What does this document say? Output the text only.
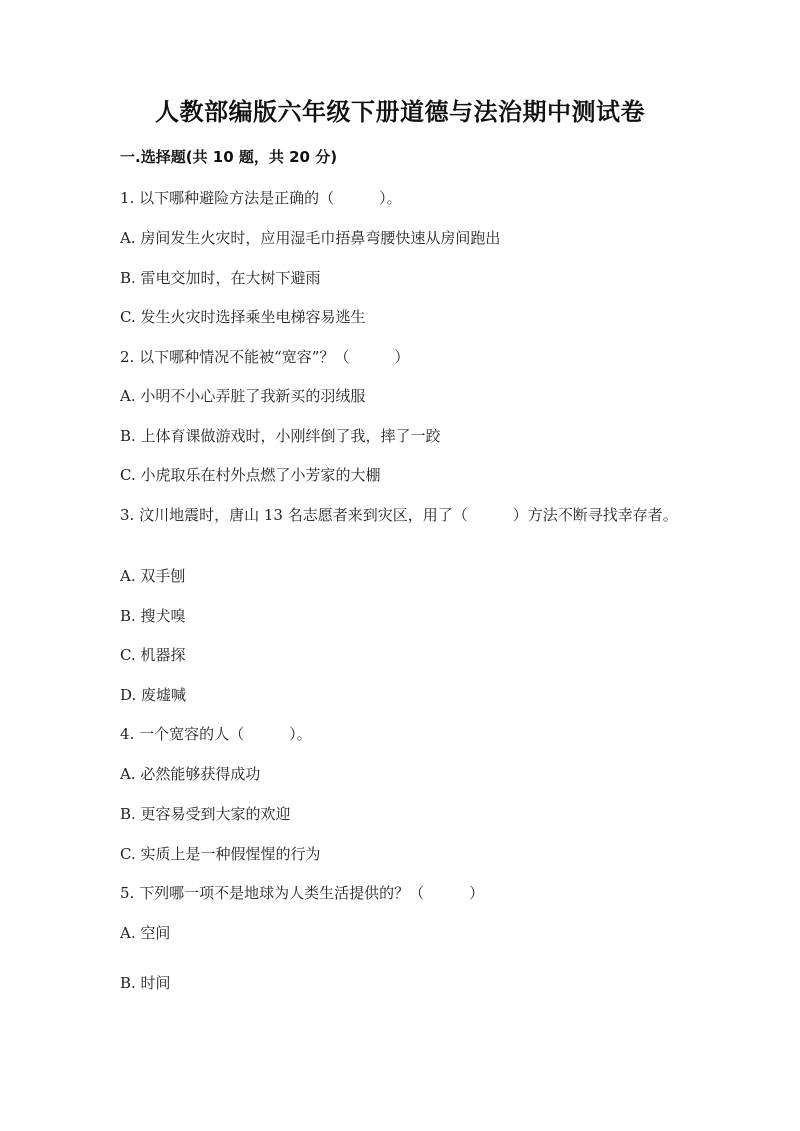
人教部编版六年级下册道德与法治期中测试卷
一.选择题(共 10 题，共 20 分)
1. 以下哪种避险方法是正确的（　　　）。
A. 房间发生火灾时，应用湿毛巾捂鼻弯腰快速从房间跑出
B. 雷电交加时，在大树下避雨
C. 发生火灾时选择乘坐电梯容易逃生
2. 以下哪种情况不能被“宽容”？（　　　）
A. 小明不小心弄脏了我新买的羽绒服
B. 上体育课做游戏时，小刚绊倒了我，摔了一跤
C. 小虎取乐在村外点燃了小芳家的大棚
3. 汶川地震时，唐山 13 名志愿者来到灾区，用了（　　　）方法不断寻找幸存者。
A. 双手刨
B. 搜犬嗅
C. 机器探
D. 废墟喊
4. 一个宽容的人（　　　）。
A. 必然能够获得成功
B. 更容易受到大家的欢迎
C. 实质上是一种假惺惺的行为
5. 下列哪一项不是地球为人类生活提供的？（　　　）
A. 空间
B. 时间
